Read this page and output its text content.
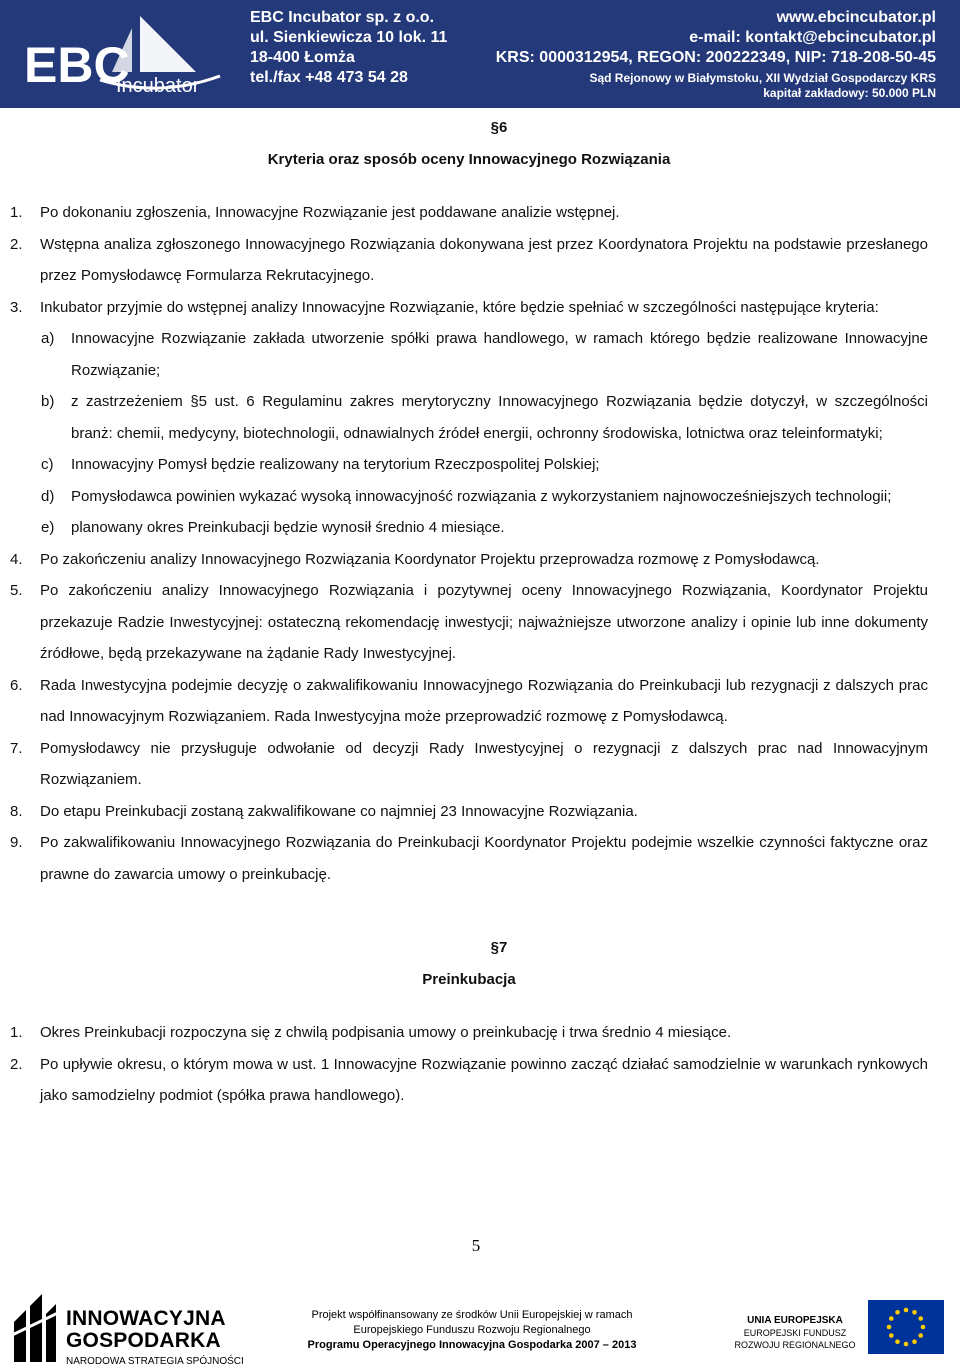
EBC
Incubator
EBC Incubator sp. z o.o.
ul. Sienkiewicza 10 lok. 11
18-400 Łomża
tel./fax +48 473 54 28
www.ebcincubator.pl
e-mail: kontakt@ebcincubator.pl
KRS: 0000312954, REGON: 200222349, NIP: 718-208-50-45
Sąd Rejonowy w Białymstoku, XII Wydział Gospodarczy KRS
kapitał zakładowy: 50.000 PLN

§6

Kryteria oraz sposób oceny Innowacyjnego Rozwiązania

1. Po dokonaniu zgłoszenia, Innowacyjne Rozwiązanie jest poddawane analizie wstępnej.

2. Wstępna analiza zgłoszonego Innowacyjnego Rozwiązania dokonywana jest przez Koordynatora Projektu na podstawie przesłanego przez Pomysłodawcę Formularza Rekrutacyjnego.

3. Inkubator przyjmie do wstępnej analizy Innowacyjne Rozwiązanie, które będzie spełniać w szczególności następujące kryteria:

a) Innowacyjne Rozwiązanie zakłada utworzenie spółki prawa handlowego, w ramach którego będzie realizowane Innowacyjne Rozwiązanie;

b) z zastrzeżeniem §5 ust. 6 Regulaminu zakres merytoryczny Innowacyjnego Rozwiązania będzie dotyczył, w szczególności branż: chemii, medycyny, biotechnologii, odnawialnych źródeł energii, ochronny środowiska, lotnictwa oraz teleinformatyki;

c) Innowacyjny Pomysł będzie realizowany na terytorium Rzeczpospolitej Polskiej;

d) Pomysłodawca powinien wykazać wysoką innowacyjność rozwiązania z wykorzystaniem najnowocześniejszych technologii;

e) planowany okres Preinkubacji będzie wynosił średnio 4 miesiące.

4. Po zakończeniu analizy Innowacyjnego Rozwiązania Koordynator Projektu przeprowadza rozmowę z Pomysłodawcą.

5. Po zakończeniu analizy Innowacyjnego Rozwiązania i pozytywnej oceny Innowacyjnego Rozwiązania, Koordynator Projektu przekazuje Radzie Inwestycyjnej: ostateczną rekomendację inwestycji; najważniejsze utworzone analizy i opinie lub inne dokumenty źródłowe, będą przekazywane na żądanie Rady Inwestycyjnej.

6. Rada Inwestycyjna podejmie decyzję o zakwalifikowaniu Innowacyjnego Rozwiązania do Preinkubacji lub rezygnacji z dalszych prac nad Innowacyjnym Rozwiązaniem. Rada Inwestycyjna może przeprowadzić rozmowę z Pomysłodawcą.

7. Pomysłodawcy nie przysługuje odwołanie od decyzji Rady Inwestycyjnej o rezygnacji z dalszych prac nad Innowacyjnym Rozwiązaniem.

8. Do etapu Preinkubacji zostaną zakwalifikowane co najmniej 23 Innowacyjne Rozwiązania.

9. Po zakwalifikowaniu Innowacyjnego Rozwiązania do Preinkubacji Koordynator Projektu podejmie wszelkie czynności faktyczne oraz prawne do zawarcia umowy o preinkubację.

§7

Preinkubacja

1. Okres Preinkubacji rozpoczyna się z chwilą podpisania umowy o preinkubację i trwa średnio 4 miesiące.

2. Po upływie okresu, o którym mowa w ust. 1 Innowacyjne Rozwiązanie powinno zacząć działać samodzielnie w warunkach rynkowych jako samodzielny podmiot (spółka prawa handlowego).

5
INNOWACYJNA
GOSPODARKA
NARODOWA STRATEGIA SPÓJNOŚCI
Projekt współfinansowany ze środków Unii Europejskiej w ramach
Europejskiego Funduszu Rozwoju Regionalnego
Programu Operacyjnego Innowacyjna Gospodarka 2007 – 2013
UNIA EUROPEJSKA
EUROPEJSKI FUNDUSZ
ROZWOJU REGIONALNEGO
